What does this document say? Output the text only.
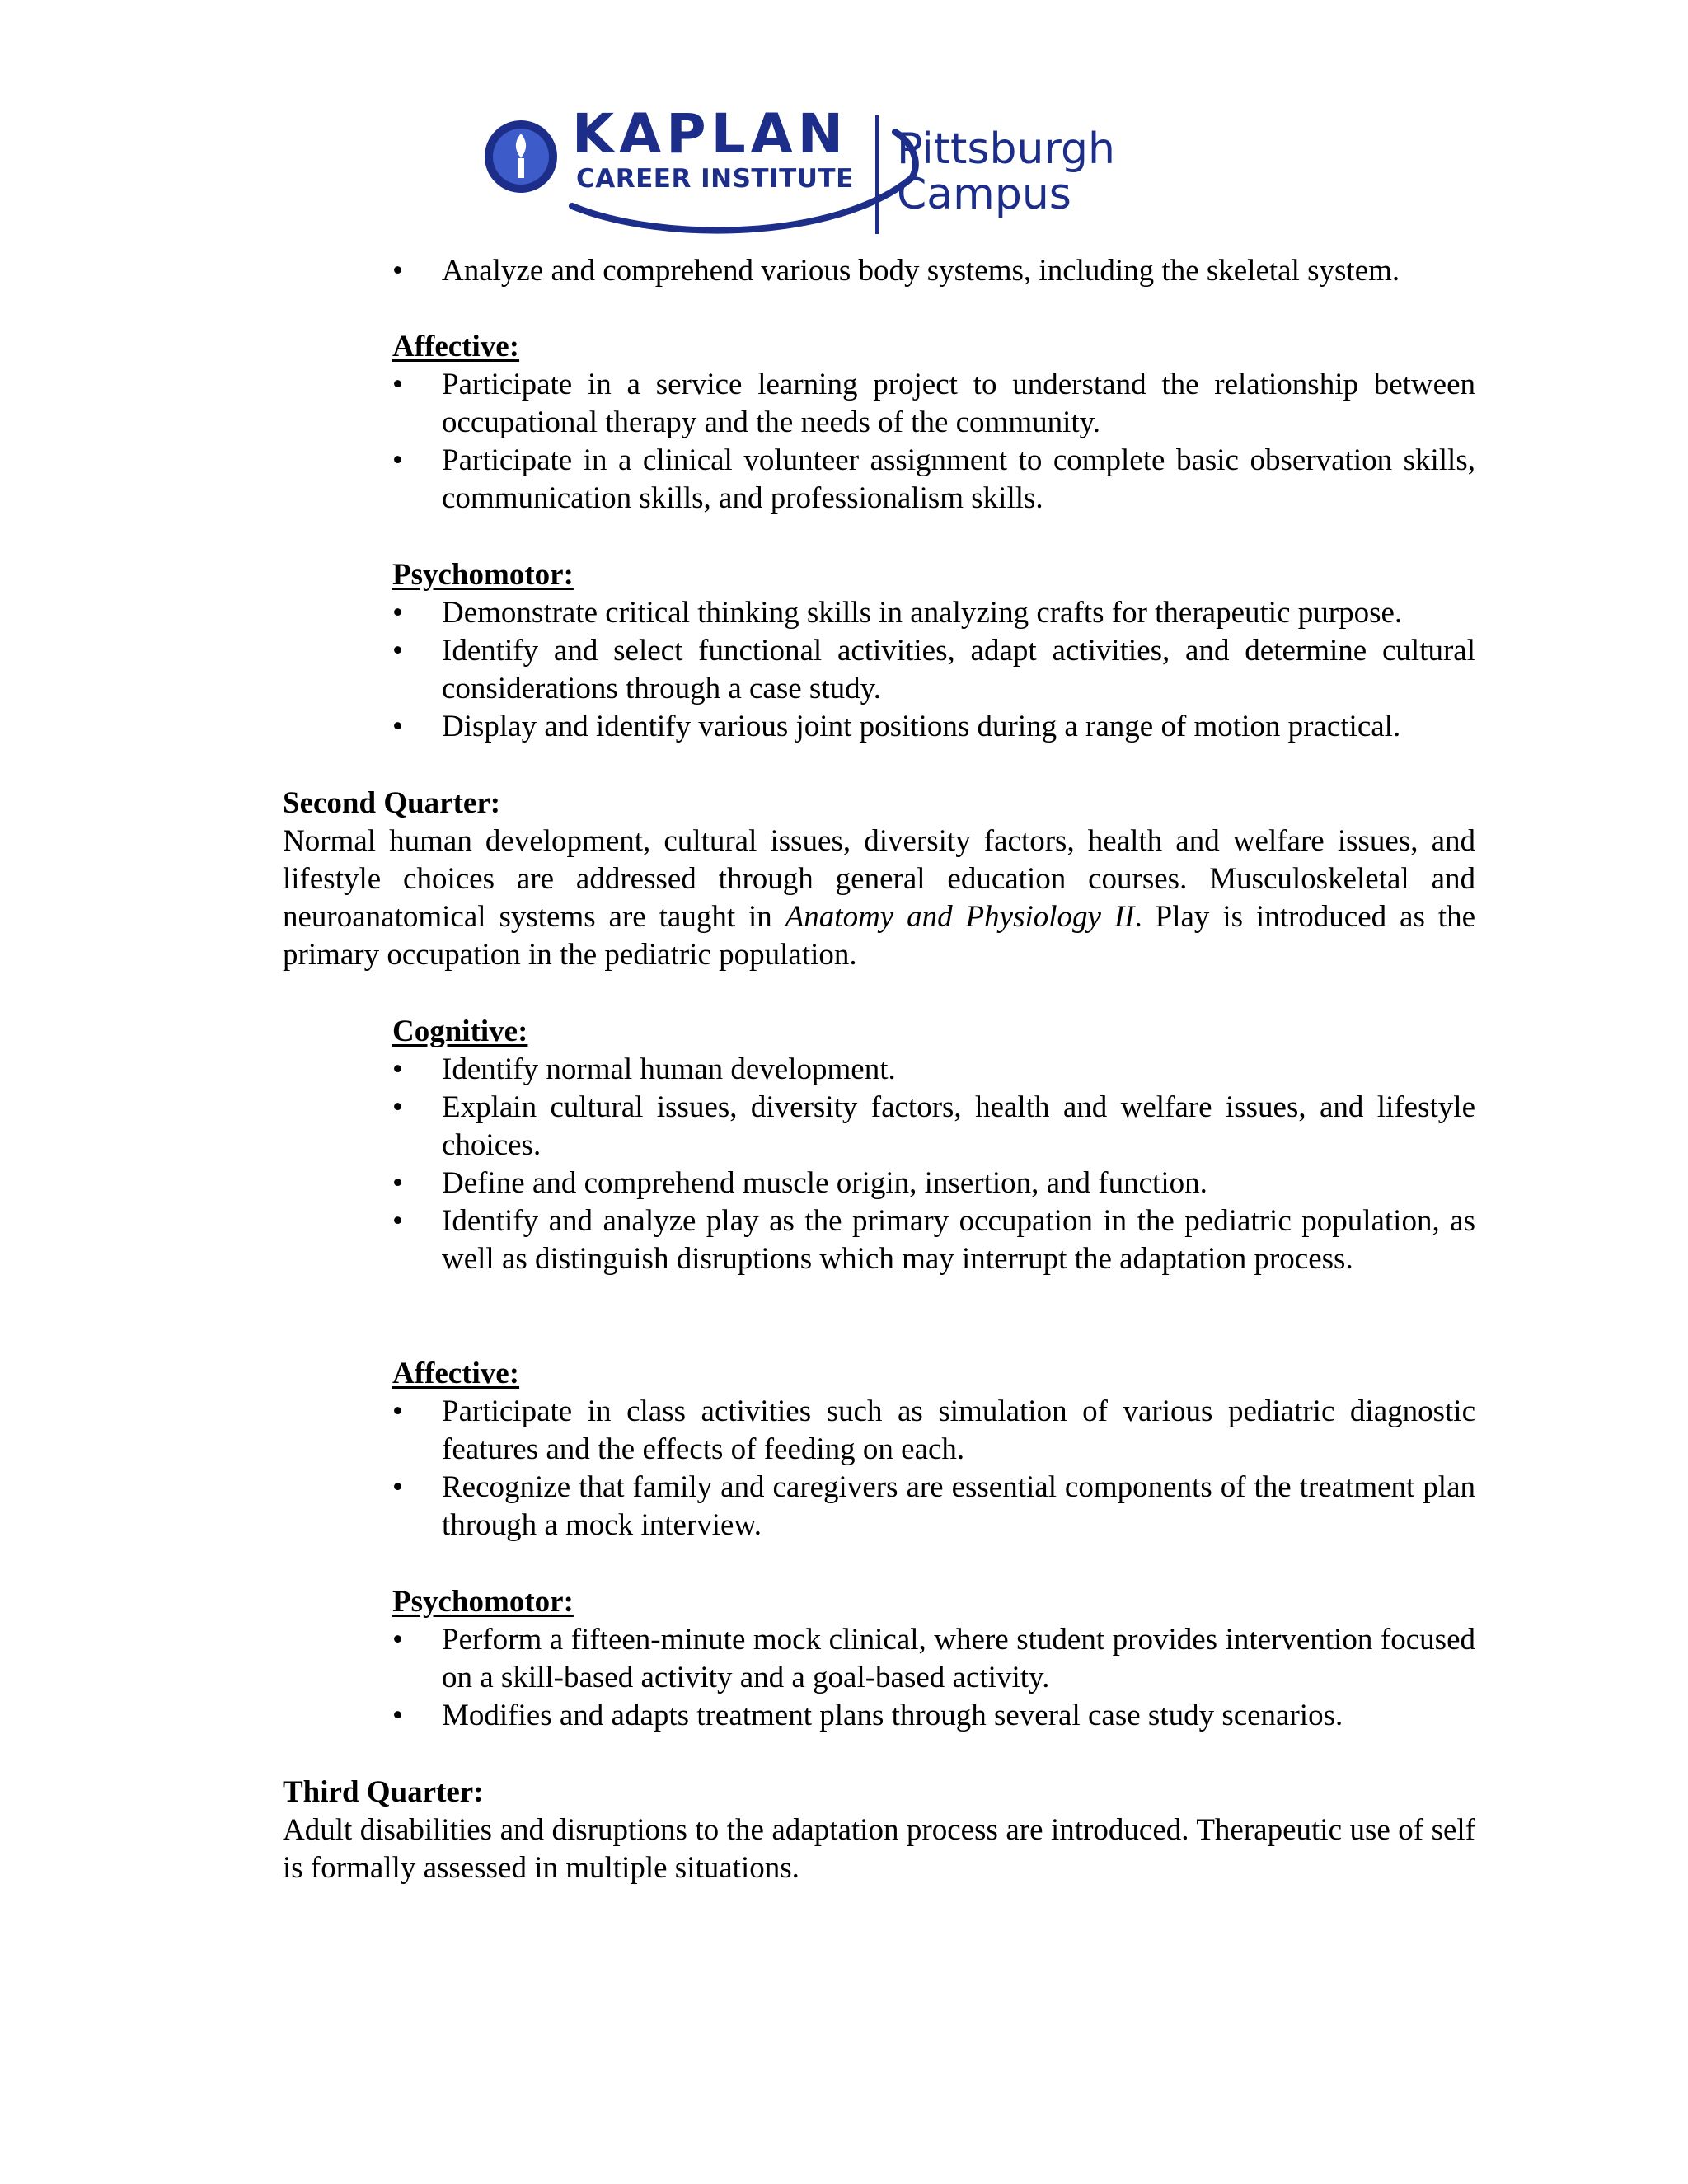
KAPLAN
CAREER INSTITUTE
Pittsburgh
Campus
• Analyze and comprehend various body systems, including the skeletal system.
Affective:
• Participate in a service learning project to understand the relationship between occupational therapy and the needs of the community.
• Participate in a clinical volunteer assignment to complete basic observation skills, communication skills, and professionalism skills.
Psychomotor:
• Demonstrate critical thinking skills in analyzing crafts for therapeutic purpose.
• Identify and select functional activities, adapt activities, and determine cultural considerations through a case study.
• Display and identify various joint positions during a range of motion practical.
Second Quarter:

Normal human development, cultural issues, diversity factors, health and welfare issues, and lifestyle choices are addressed through general education courses. Musculoskeletal and neuroanatomical systems are taught in Anatomy and Physiology II. Play is introduced as the primary occupation in the pediatric population.

Cognitive:
• Identify normal human development.
• Explain cultural issues, diversity factors, health and welfare issues, and lifestyle choices.
• Define and comprehend muscle origin, insertion, and function.
• Identify and analyze play as the primary occupation in the pediatric population, as well as distinguish disruptions which may interrupt the adaptation process.
Affective:
• Participate in class activities such as simulation of various pediatric diagnostic features and the effects of feeding on each.
• Recognize that family and caregivers are essential components of the treatment plan through a mock interview.
Psychomotor:
• Perform a fifteen-minute mock clinical, where student provides intervention focused on a skill-based activity and a goal-based activity.
• Modifies and adapts treatment plans through several case study scenarios.
Third Quarter:

Adult disabilities and disruptions to the adaptation process are introduced. Therapeutic use of self is formally assessed in multiple situations.
